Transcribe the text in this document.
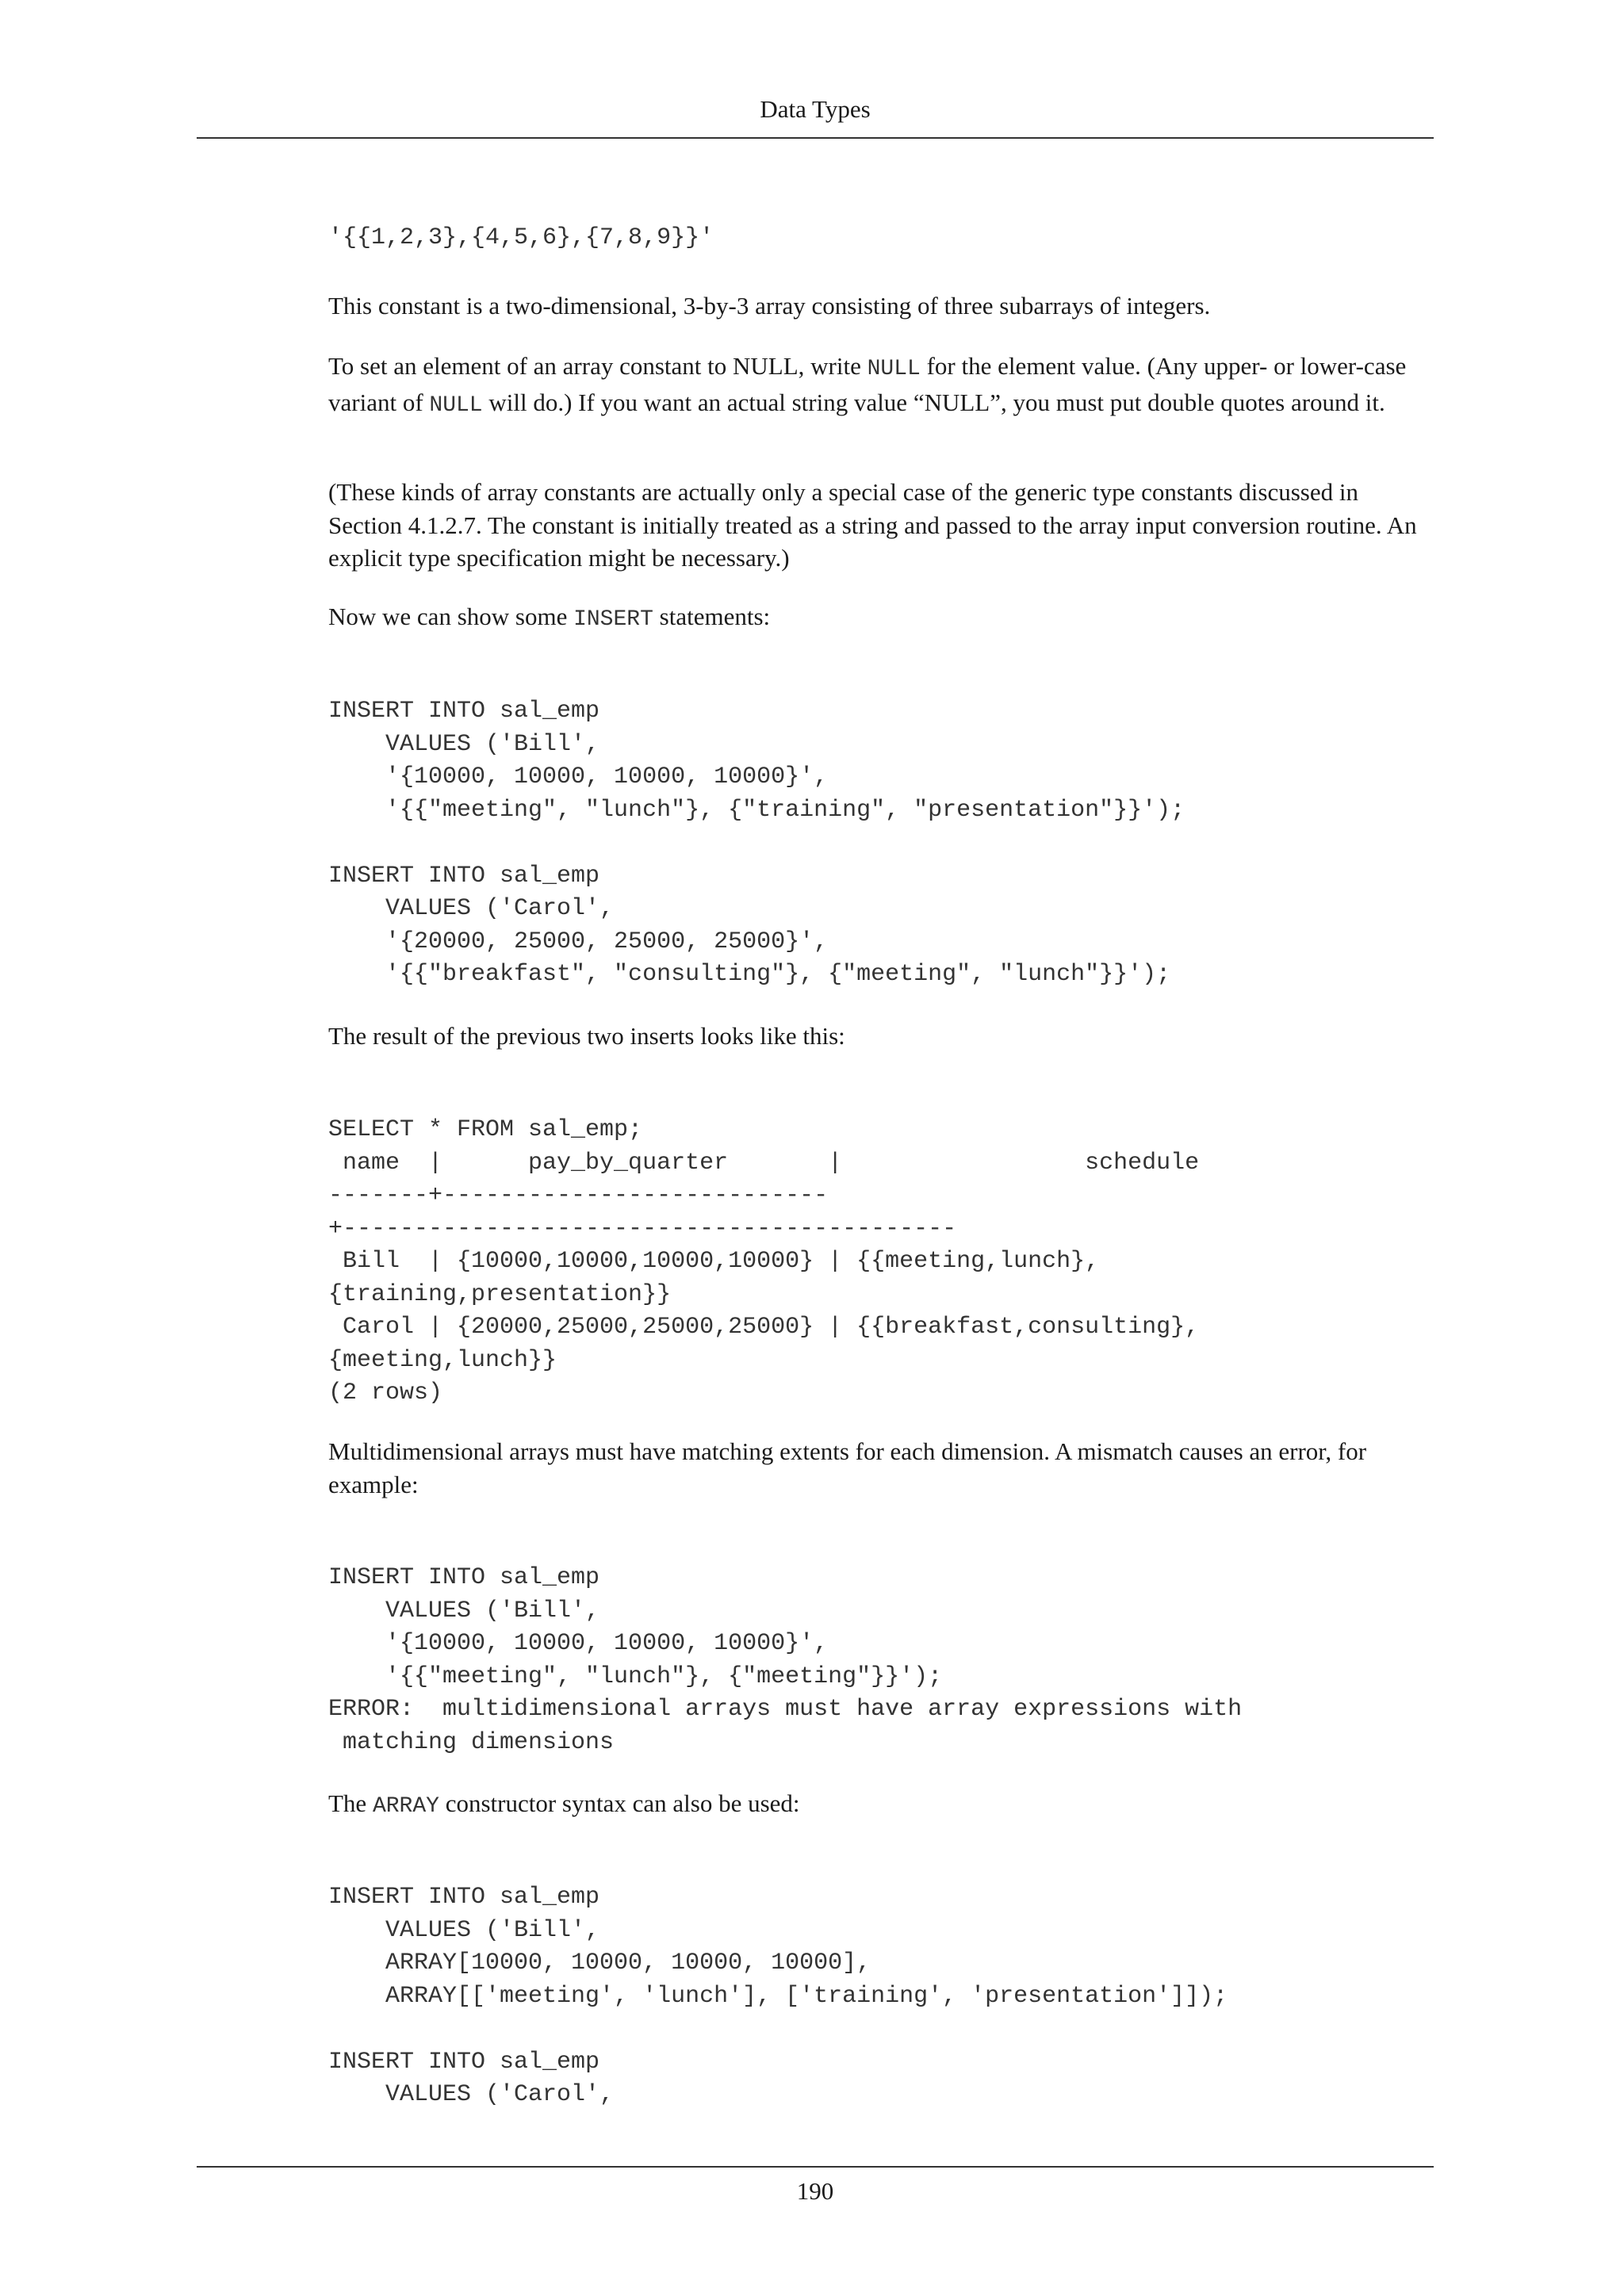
Data Types
'{{1,2,3},{4,5,6},{7,8,9}}'

This constant is a two-dimensional, 3-by-3 array consisting of three subarrays of integers.

To set an element of an array constant to NULL, write NULL for the element value. (Any upper- or lower-case variant of NULL will do.) If you want an actual string value “NULL”, you must put double quotes around it.

(These kinds of array constants are actually only a special case of the generic type constants discussed in Section 4.1.2.7. The constant is initially treated as a string and passed to the array input conversion routine. An explicit type specification might be necessary.)

Now we can show some INSERT statements:

INSERT INTO sal_emp
VALUES ('Bill',
'{10000, 10000, 10000, 10000}',
'{{"meeting", "lunch"}, {"training", "presentation"}}');

INSERT INTO sal_emp
VALUES ('Carol',
'{20000, 25000, 25000, 25000}',
'{{"breakfast", "consulting"}, {"meeting", "lunch"}}');

The result of the previous two inserts looks like this:

SELECT * FROM sal_emp;
name  |      pay_by_quarter       |                 schedule
-------+---------------------------
+-------------------------------------------
Bill  | {10000,10000,10000,10000} | {{meeting,lunch},
{training,presentation}}
Carol | {20000,25000,25000,25000} | {{breakfast,consulting},
{meeting,lunch}}
(2 rows)

Multidimensional arrays must have matching extents for each dimension. A mismatch causes an error, for example:

INSERT INTO sal_emp
VALUES ('Bill',
'{10000, 10000, 10000, 10000}',
'{{"meeting", "lunch"}, {"meeting"}}');
ERROR:  multidimensional arrays must have array expressions with
matching dimensions

The ARRAY constructor syntax can also be used:

INSERT INTO sal_emp
VALUES ('Bill',
ARRAY[10000, 10000, 10000, 10000],
ARRAY[['meeting', 'lunch'], ['training', 'presentation']]);

INSERT INTO sal_emp
VALUES ('Carol',
190
